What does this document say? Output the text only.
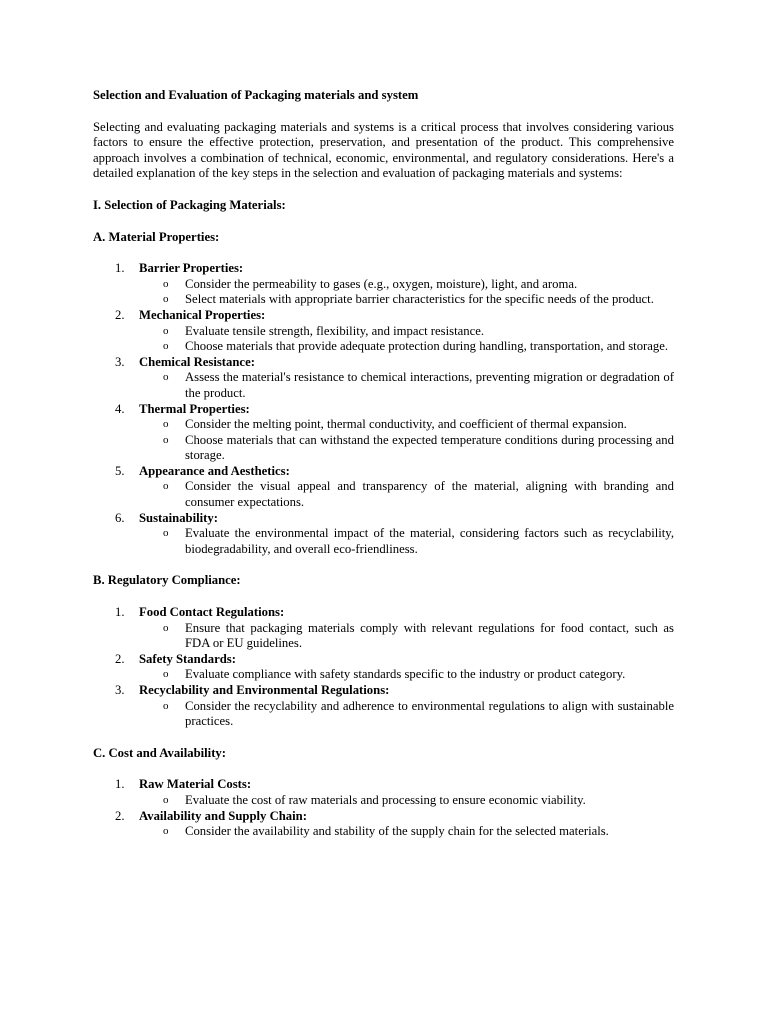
Selection and Evaluation of Packaging materials and system

Selecting and evaluating packaging materials and systems is a critical process that involves considering various factors to ensure the effective protection, preservation, and presentation of the product. This comprehensive approach involves a combination of technical, economic, environmental, and regulatory considerations. Here's a detailed explanation of the key steps in the selection and evaluation of packaging materials and systems:

I. Selection of Packaging Materials:

A. Material Properties:

1. Barrier Properties:
o Consider the permeability to gases (e.g., oxygen, moisture), light, and aroma.
o Select materials with appropriate barrier characteristics for the specific needs of the product.
2. Mechanical Properties:
o Evaluate tensile strength, flexibility, and impact resistance.
o Choose materials that provide adequate protection during handling, transportation, and storage.
3. Chemical Resistance:
o Assess the material's resistance to chemical interactions, preventing migration or degradation of the product.
4. Thermal Properties:
o Consider the melting point, thermal conductivity, and coefficient of thermal expansion.
o Choose materials that can withstand the expected temperature conditions during processing and storage.
5. Appearance and Aesthetics:
o Consider the visual appeal and transparency of the material, aligning with branding and consumer expectations.
6. Sustainability:
o Evaluate the environmental impact of the material, considering factors such as recyclability, biodegradability, and overall eco-friendliness.

B. Regulatory Compliance:

1. Food Contact Regulations:
o Ensure that packaging materials comply with relevant regulations for food contact, such as FDA or EU guidelines.
2. Safety Standards:
o Evaluate compliance with safety standards specific to the industry or product category.
3. Recyclability and Environmental Regulations:
o Consider the recyclability and adherence to environmental regulations to align with sustainable practices.

C. Cost and Availability:

1. Raw Material Costs:
o Evaluate the cost of raw materials and processing to ensure economic viability.
2. Availability and Supply Chain:
o Consider the availability and stability of the supply chain for the selected materials.
